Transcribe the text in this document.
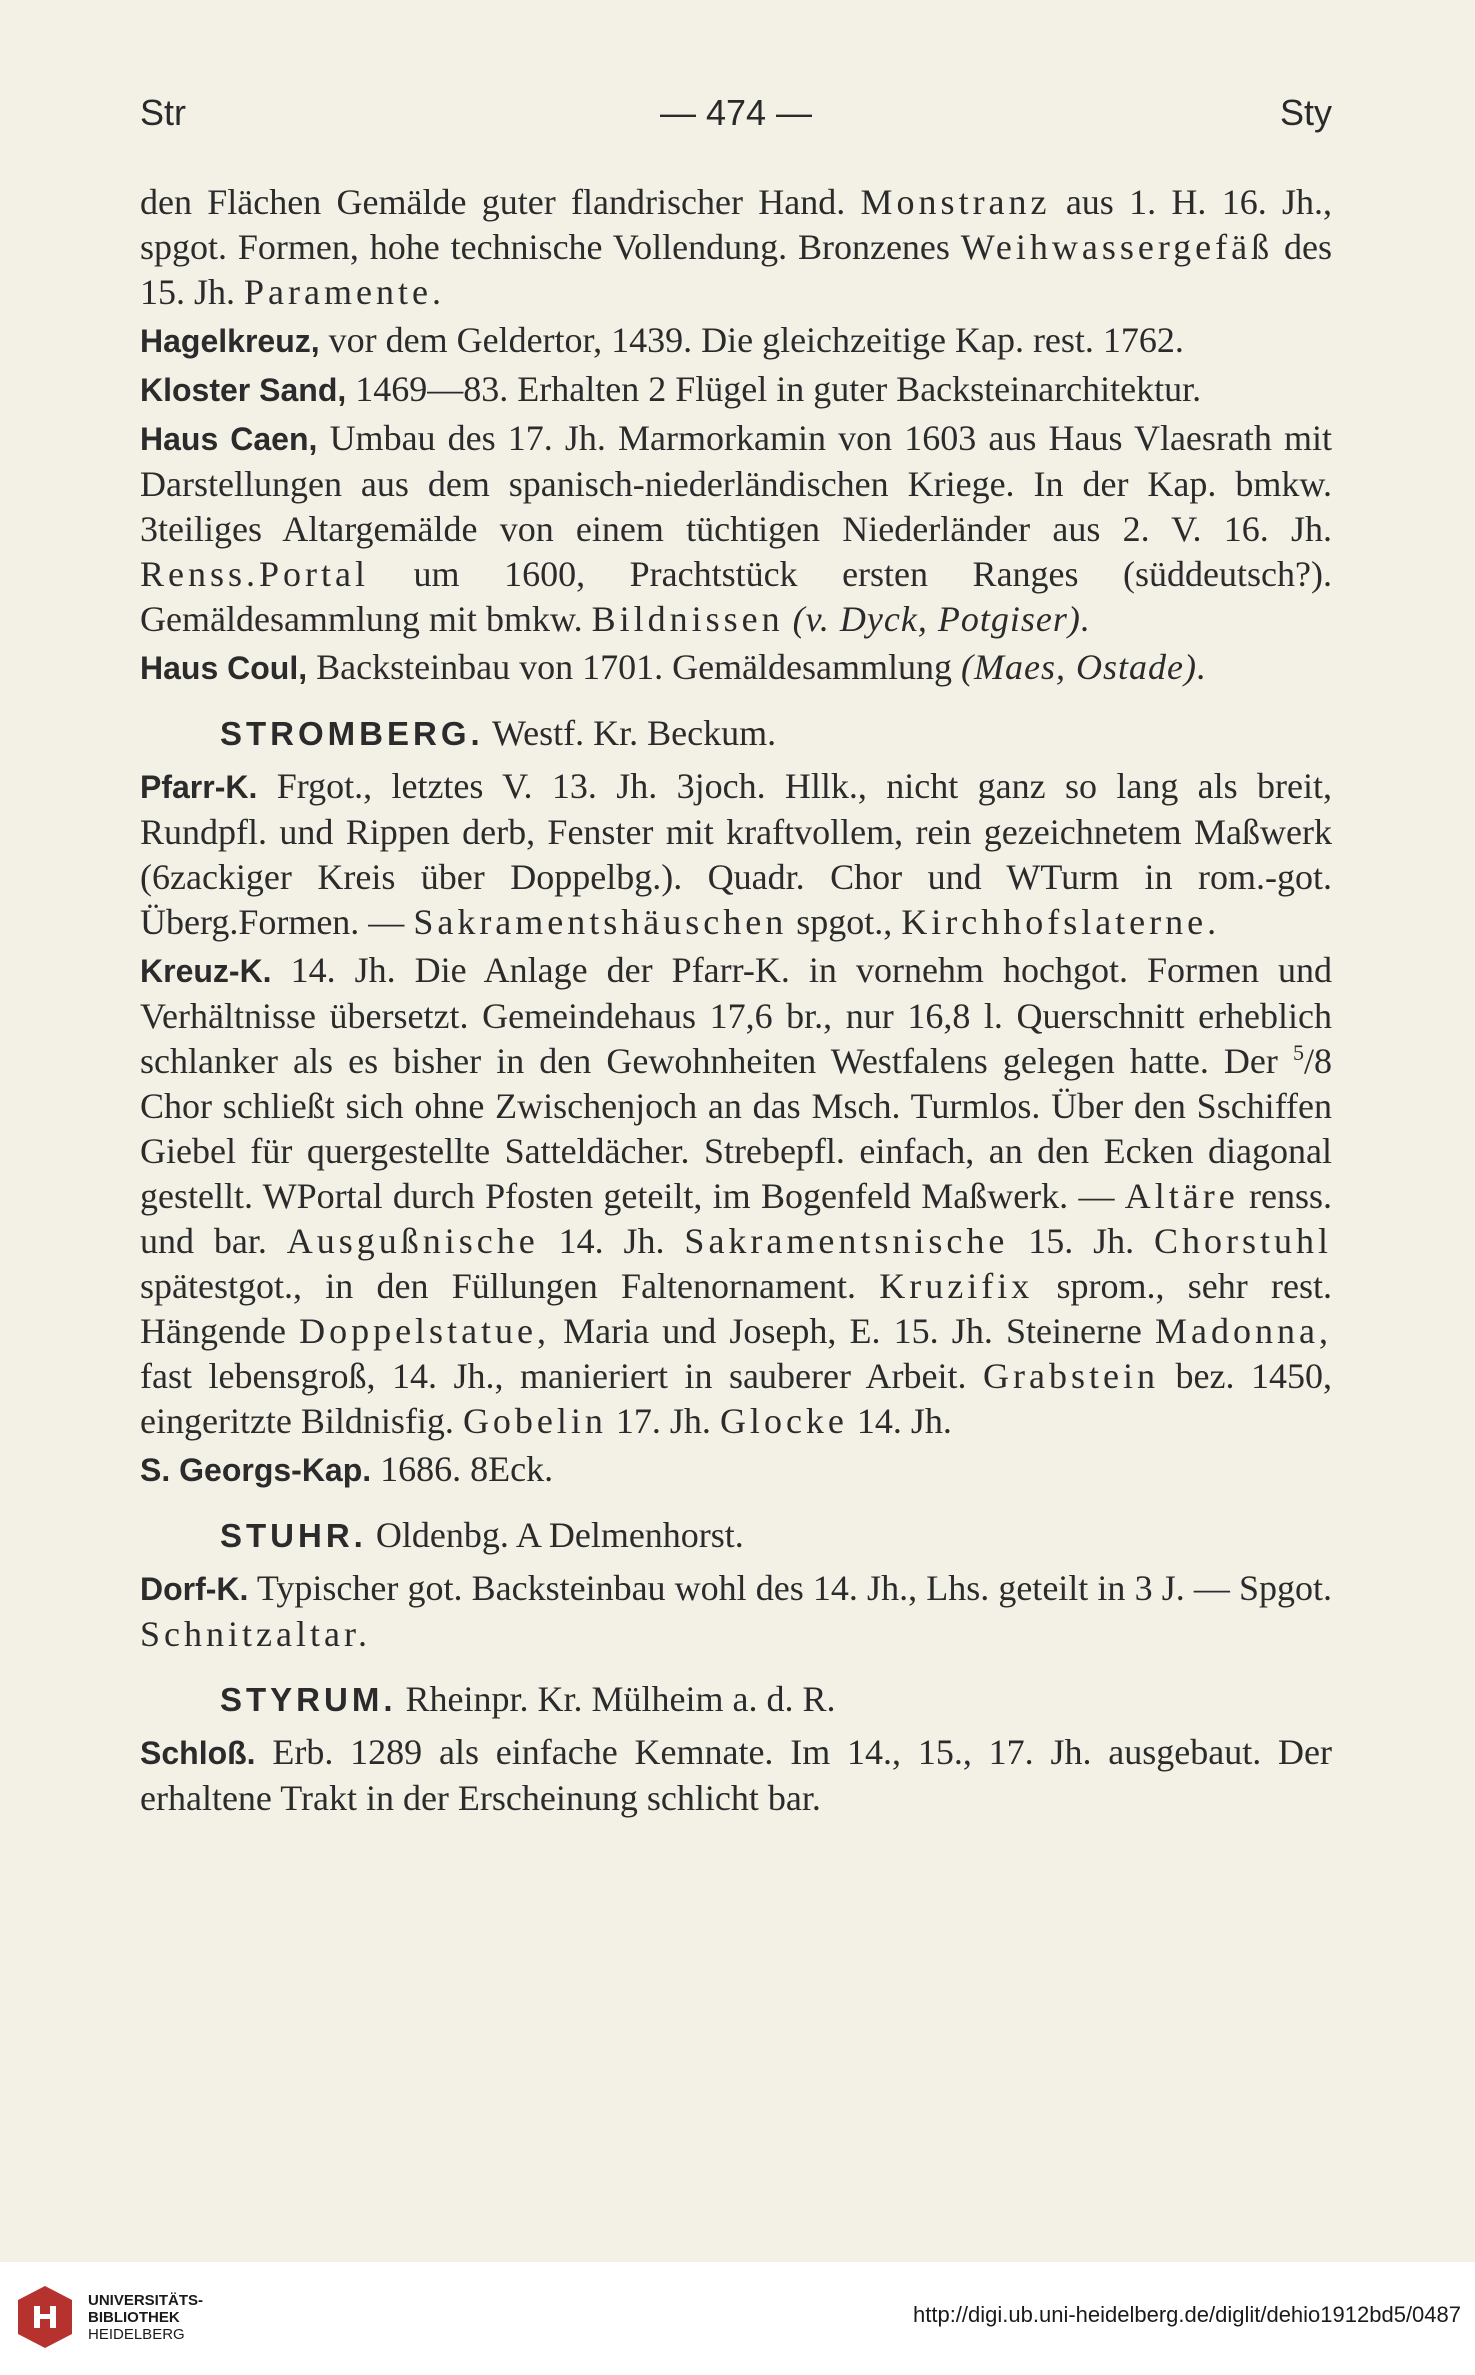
Str	— 474 —	Sty

den Flächen Gemälde guter flandrischer Hand. Monstranz aus 1. H. 16. Jh., spgot. Formen, hohe technische Vollendung. Bronzenes Weihwassergefäß des 15. Jh. Paramente.

Hagelkreuz, vor dem Geldertor, 1439. Die gleichzeitige Kap. rest. 1762.

Kloster Sand, 1469—83. Erhalten 2 Flügel in guter Backsteinarchitektur.

Haus Caen, Umbau des 17. Jh. Marmorkamin von 1603 aus Haus Vlaesrath mit Darstellungen aus dem spanisch-niederländischen Kriege. In der Kap. bmkw. 3teiliges Altargemälde von einem tüchtigen Niederländer aus 2. V. 16. Jh. Renss.Portal um 1600, Prachtstück ersten Ranges (süddeutsch?). Gemäldesammlung mit bmkw. Bildnissen (v. Dyck, Potgiser).

Haus Coul, Backsteinbau von 1701. Gemäldesammlung (Maes, Ostade).

STROMBERG. Westf. Kr. Beckum.

Pfarr-K. Frgot., letztes V. 13. Jh. 3joch. Hllk., nicht ganz so lang als breit, Rundpfl. und Rippen derb, Fenster mit kraftvollem, rein gezeichnetem Maßwerk (6zackiger Kreis über Doppelbg.). Quadr. Chor und WTurm in rom.-got. Überg.Formen. — Sakramentshäuschen spgot., Kirchhofslaterne.

Kreuz-K. 14. Jh. Die Anlage der Pfarr-K. in vornehm hochgot. Formen und Verhältnisse übersetzt. Gemeindehaus 17,6 br., nur 16,8 l. Querschnitt erheblich schlanker als es bisher in den Gewohnheiten Westfalens gelegen hatte. Der $^5$/8 Chor schließt sich ohne Zwischenjoch an das Msch. Turmlos. Über den Sschiffen Giebel für quergestellte Satteldächer. Strebepfl. einfach, an den Ecken diagonal gestellt. WPortal durch Pfosten geteilt, im Bogenfeld Maßwerk. — Altäre renss. und bar. Ausgußnische 14. Jh. Sakramentsnische 15. Jh. Chorstuhl spätestgot., in den Füllungen Faltenornament. Kruzifix sprom., sehr rest. Hängende Doppelstatue, Maria und Joseph, E. 15. Jh. Steinerne Madonna, fast lebensgroß, 14. Jh., manieriert in sauberer Arbeit. Grabstein bez. 1450, eingeritzte Bildnisfig. Gobelin 17. Jh. Glocke 14. Jh.

S. Georgs-Kap. 1686. 8Eck.

STUHR. Oldenbg. A Delmenhorst.

Dorf-K. Typischer got. Backsteinbau wohl des 14. Jh., Lhs. geteilt in 3 J. — Spgot. Schnitzaltar.

STYRUM. Rheinpr. Kr. Mülheim a. d. R.

Schloß. Erb. 1289 als einfache Kemnate. Im 14., 15., 17. Jh. ausgebaut. Der erhaltene Trakt in der Erscheinung schlicht bar.

UNIVERSITÄTS-
BIBLIOTHEK
HEIDELBERG
http://digi.ub.uni-heidelberg.de/diglit/dehio1912bd5/0487
